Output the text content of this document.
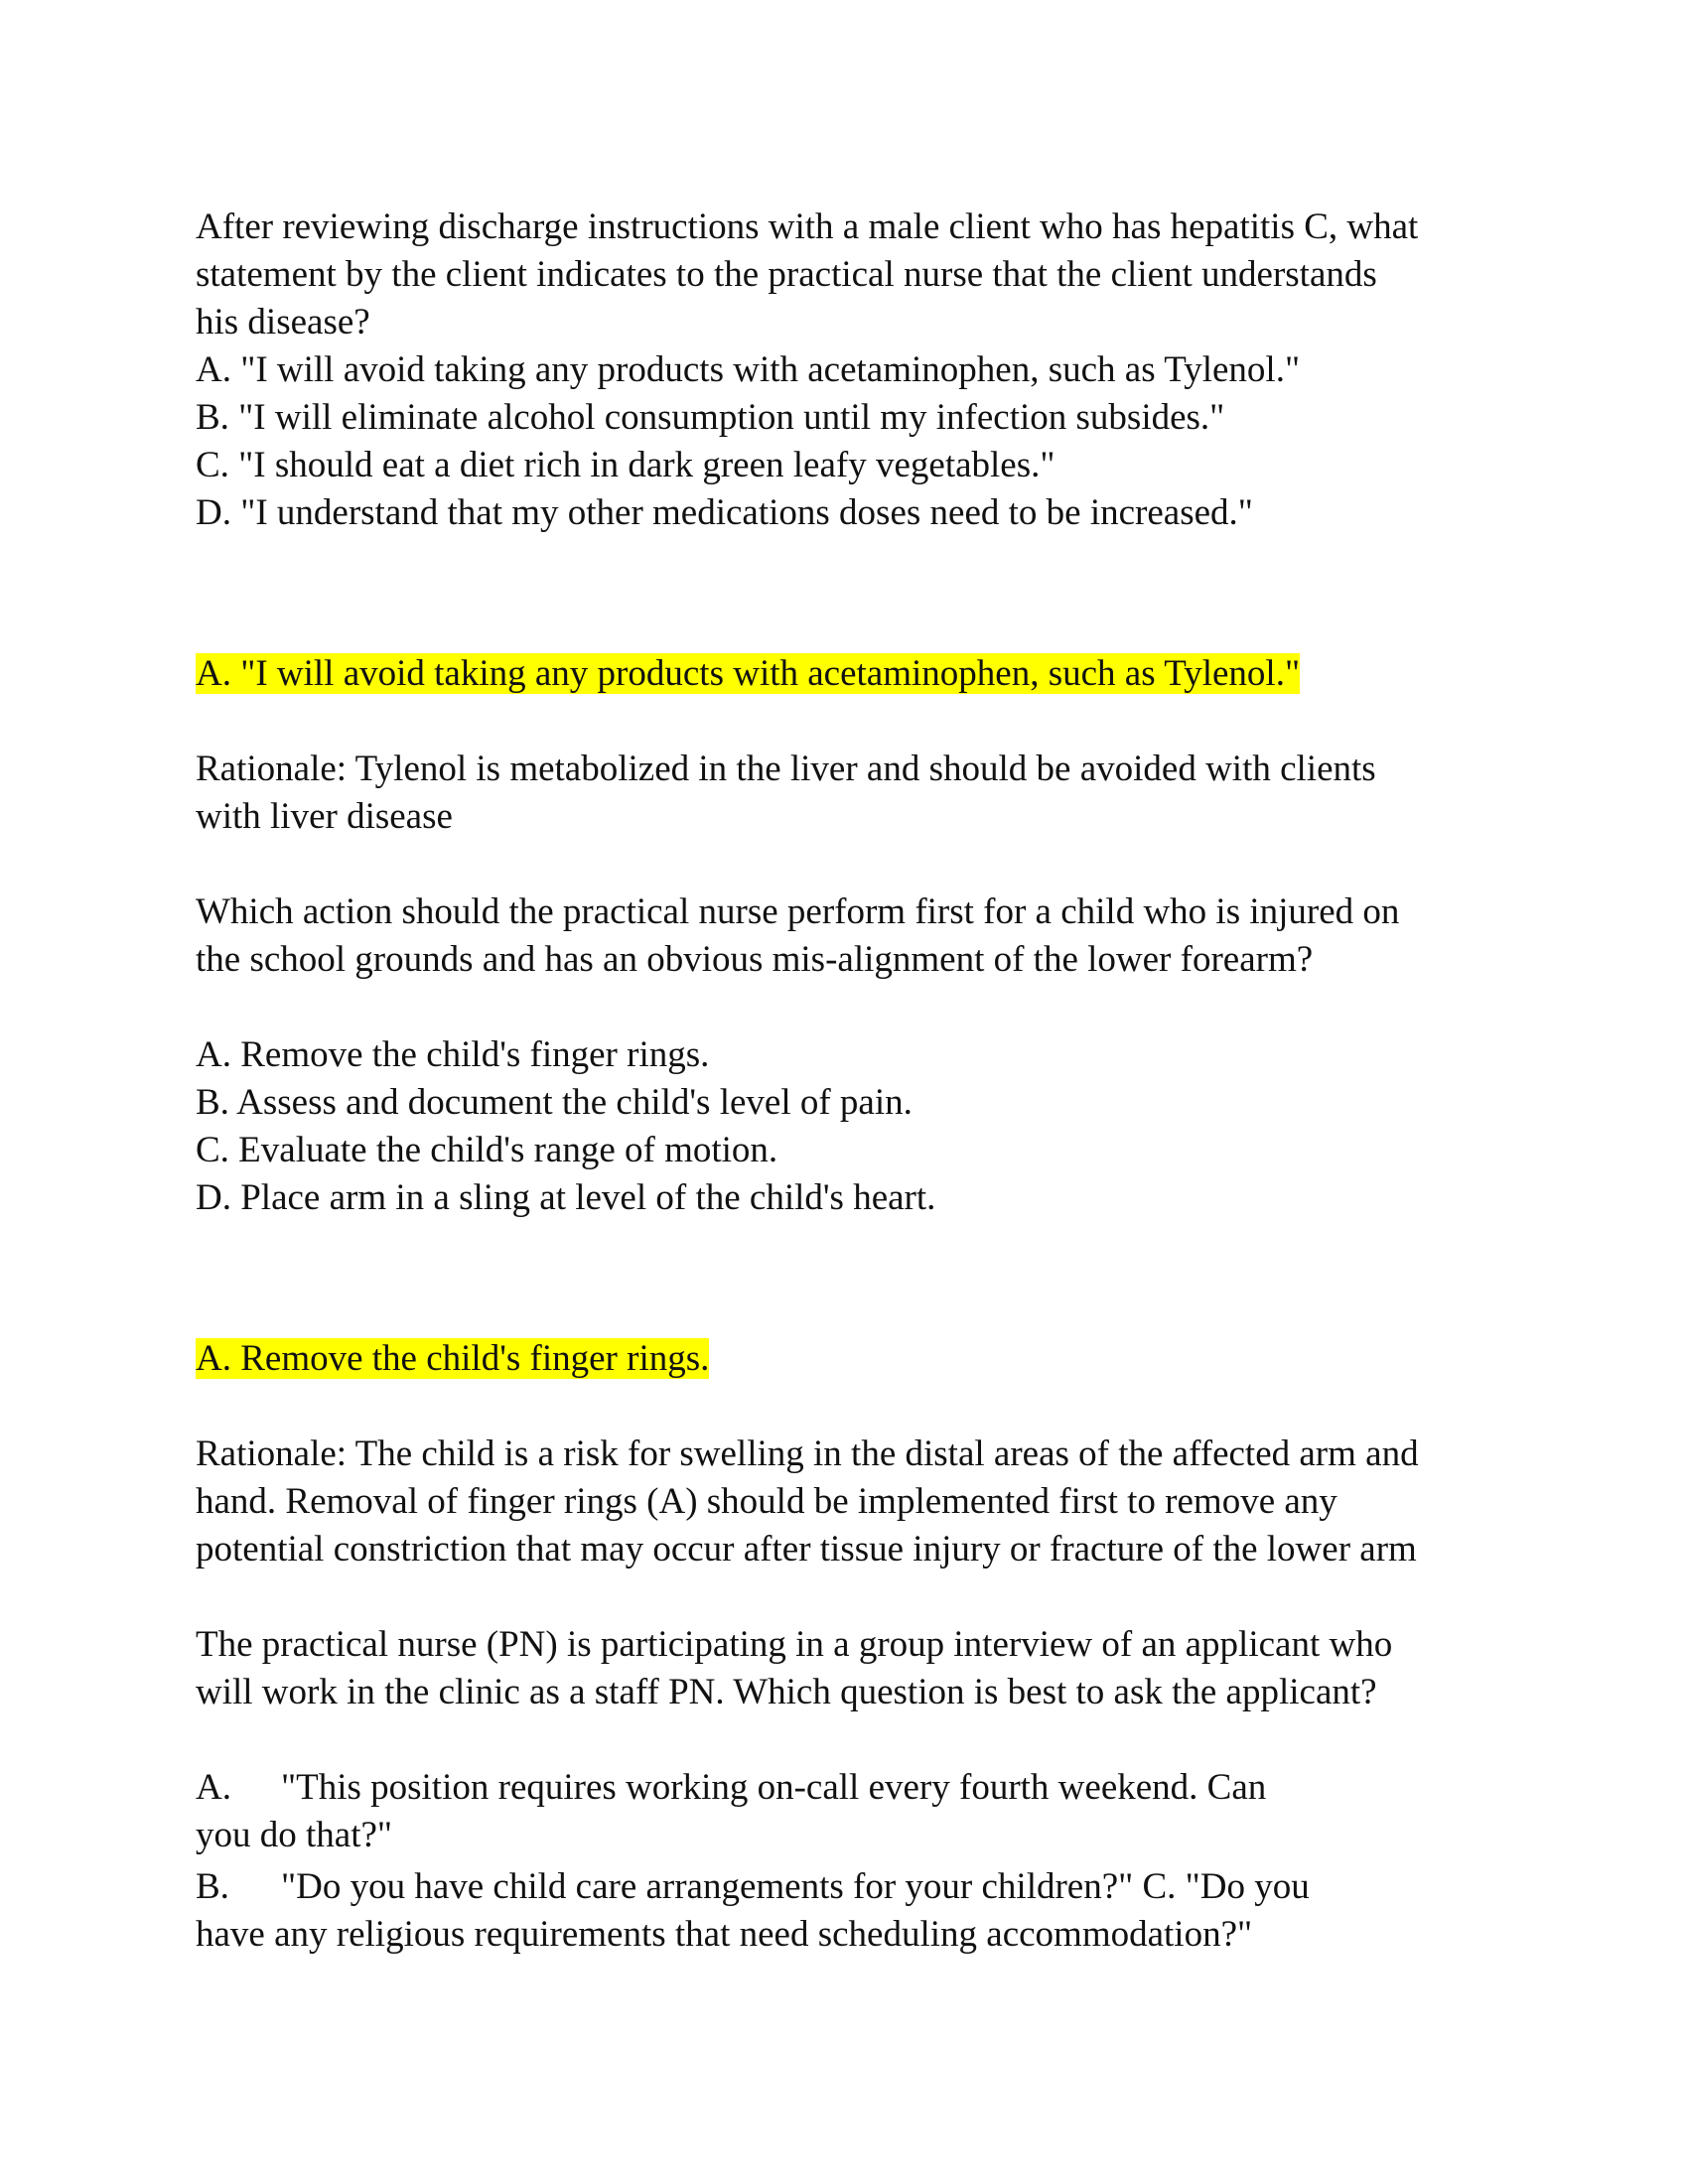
After reviewing discharge instructions with a male client who has hepatitis C, what
statement by the client indicates to the practical nurse that the client understands
his disease?
A. "I will avoid taking any products with acetaminophen, such as Tylenol."
B. "I will eliminate alcohol consumption until my infection subsides."
C. "I should eat a diet rich in dark green leafy vegetables."
D. "I understand that my other medications doses need to be increased."
A. "I will avoid taking any products with acetaminophen, such as Tylenol."
Rationale: Tylenol is metabolized in the liver and should be avoided with clients
with liver disease
Which action should the practical nurse perform first for a child who is injured on
the school grounds and has an obvious mis-alignment of the lower forearm?
A. Remove the child's finger rings.
B. Assess and document the child's level of pain.
C. Evaluate the child's range of motion.
D. Place arm in a sling at level of the child's heart.
A. Remove the child's finger rings.
Rationale: The child is a risk for swelling in the distal areas of the affected arm and
hand. Removal of finger rings (A) should be implemented first to remove any
potential constriction that may occur after tissue injury or fracture of the lower arm
The practical nurse (PN) is participating in a group interview of an applicant who
will work in the clinic as a staff PN. Which question is best to ask the applicant?
A. "This position requires working on-call every fourth weekend. Can
you do that?"
B. "Do you have child care arrangements for your children?" C. "Do you
have any religious requirements that need scheduling accommodation?"
